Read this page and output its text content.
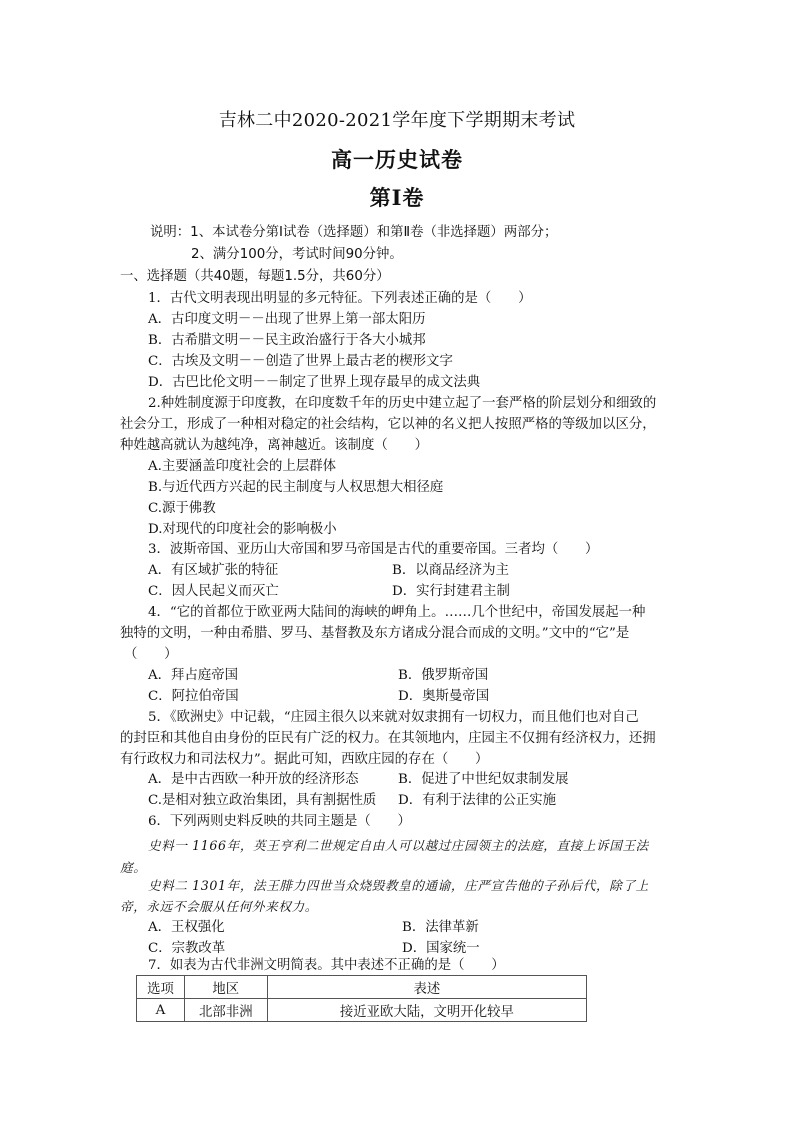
吉林二中2020-2021学年度下学期期末考试
高一历史试卷
第Ⅰ卷
说明：1、本试卷分第Ⅰ试卷（选择题）和第Ⅱ卷（非选择题）两部分；
2、满分100分，考试时间90分钟。
一、选择题（共40题，每题1.5分，共60分）
1．古代文明表现出明显的多元特征。下列表述正确的是（　　）
A．古印度文明－－出现了世界上第一部太阳历
B．古希腊文明－－民主政治盛行于各大小城邦
C．古埃及文明－－创造了世界上最古老的楔形文字
D．古巴比伦文明－－制定了世界上现存最早的成文法典
2.种姓制度源于印度教，在印度数千年的历史中建立起了一套严格的阶层划分和细致的
社会分工，形成了一种相对稳定的社会结构，它以神的名义把人按照严格的等级加以区分，
种姓越高就认为越纯净，离神越近。该制度（　　）
A.主要涵盖印度社会的上层群体
B.与近代西方兴起的民主制度与人权思想大相径庭
C.源于佛教
D.对现代的印度社会的影响极小
3．波斯帝国、亚历山大帝国和罗马帝国是古代的重要帝国。三者均（　　）
A．有区域扩张的特征	B．以商品经济为主
C．因人民起义而灭亡	D．实行封建君主制
4．“它的首都位于欧亚两大陆间的海峡的岬角上。……几个世纪中，帝国发展起一种
独特的文明，一种由希腊、罗马、基督教及东方诸成分混合而成的文明。”文中的“它”是
（　　）
A．拜占庭帝国	B．俄罗斯帝国
C．阿拉伯帝国	D．奥斯曼帝国
5．《欧洲史》中记载，“庄园主很久以来就对奴隶拥有一切权力，而且他们也对自己
的封臣和其他自由身份的臣民有广泛的权力。在其领地内，庄园主不仅拥有经济权力，还拥
有行政权力和司法权力”。据此可知，西欧庄园的存在（　　）
A．是中古西欧一种开放的经济形态	B．促进了中世纪奴隶制发展
C.是相对独立政治集团，具有割据性质 D．有利于法律的公正实施
6．下列两则史料反映的共同主题是（　　）
史料一 1166年，英王亨利二世规定自由人可以越过庄园领主的法庭，直接上诉国王法
庭。
史料二 1301年，法王腓力四世当众烧毁教皇的通谕，庄严宣告他的子孙后代，除了上
帝，永远不会服从任何外来权力。
A．王权强化	B．法律革新
C．宗教改革	D．国家统一
7．如表为古代非洲文明简表。其中表述不正确的是（　　）
选项	地区	表述
A	北部非洲	接近亚欧大陆，文明开化较早
